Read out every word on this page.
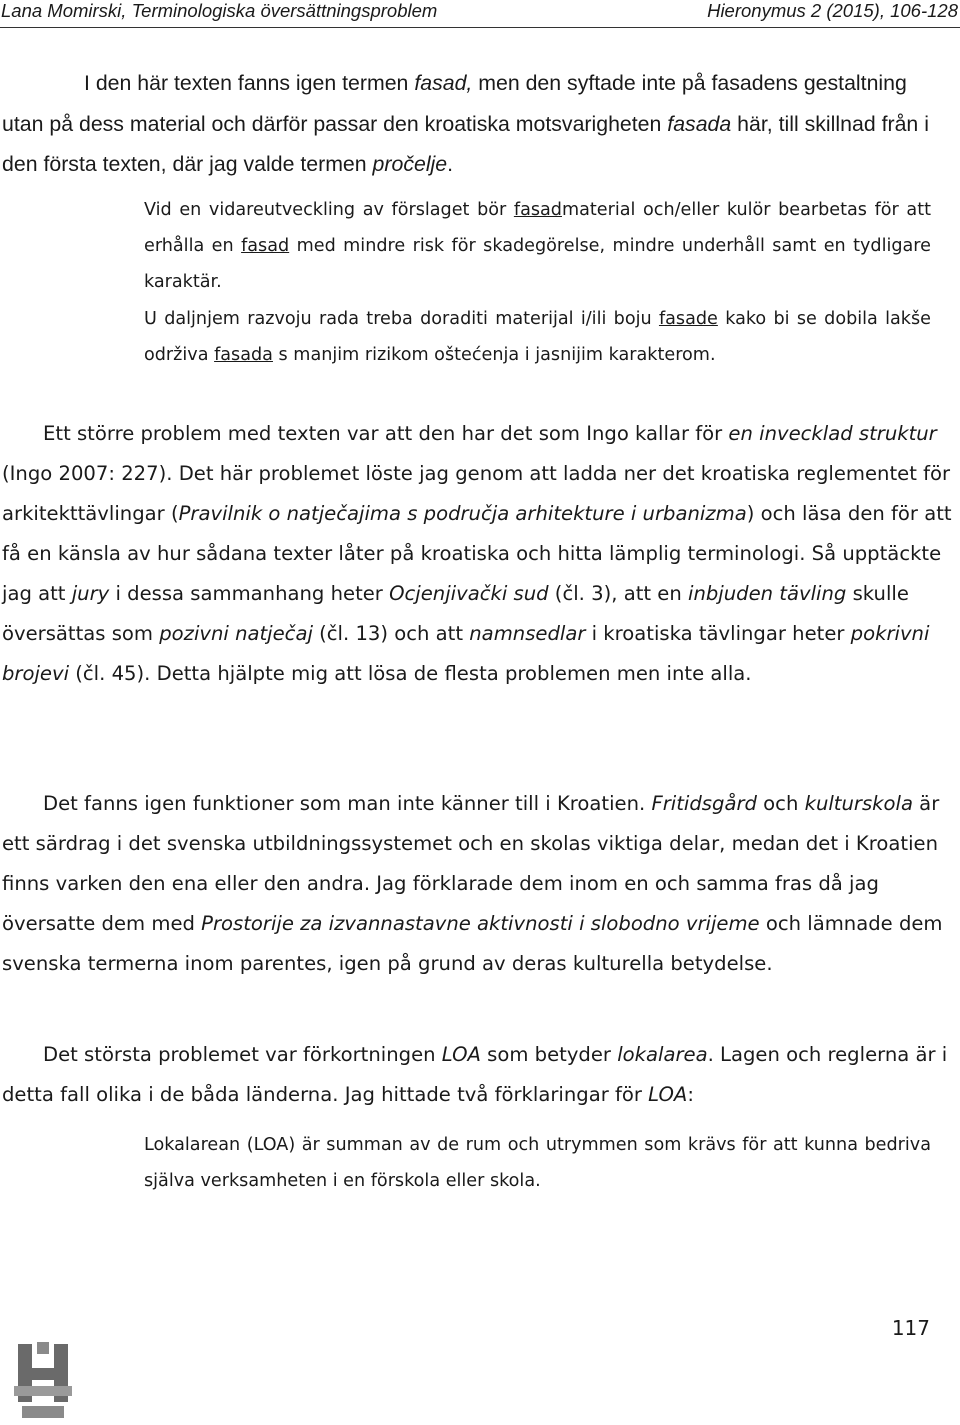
Lana Momirski, Terminologiska översättningsproblem	Hieronymus 2 (2015), 106-128

I den här texten fanns igen termen fasad, men den syftade inte på fasadens gestaltning utan på dess material och därför passar den kroatiska motsvarigheten fasada här, till skillnad från i den första texten, där jag valde termen pročelje.

Vid en vidareutveckling av förslaget bör fasadmaterial och/eller kulör bearbetas för att erhålla en fasad med mindre risk för skadegörelse, mindre underhåll samt en tydligare karaktär.

U daljnjem razvoju rada treba doraditi materijal i/ili boju fasade kako bi se dobila lakše održiva fasada s manjim rizikom oštećenja i jasnijim karakterom.

Ett större problem med texten var att den har det som Ingo kallar för en invecklad struktur (Ingo 2007: 227). Det här problemet löste jag genom att ladda ner det kroatiska reglementet för arkitekttävlingar (Pravilnik o natječajima s područja arhitekture i urbanizma) och läsa den för att få en känsla av hur sådana texter låter på kroatiska och hitta lämplig terminologi. Så upptäckte jag att jury i dessa sammanhang heter Ocjenjivački sud (čl. 3), att en inbjuden tävling skulle översättas som pozivni natječaj (čl. 13) och att namnsedlar i kroatiska tävlingar heter pokrivni brojevi (čl. 45). Detta hjälpte mig att lösa de flesta problemen men inte alla.

Det fanns igen funktioner som man inte känner till i Kroatien. Fritidsgård och kulturskola är ett särdrag i det svenska utbildningssystemet och en skolas viktiga delar, medan det i Kroatien finns varken den ena eller den andra. Jag förklarade dem inom en och samma fras då jag översatte dem med Prostorije za izvannastavne aktivnosti i slobodno vrijeme och lämnade dem svenska termerna inom parentes, igen på grund av deras kulturella betydelse.

Det största problemet var förkortningen LOA som betyder lokalarea. Lagen och reglerna är i detta fall olika i de båda länderna. Jag hittade två förklaringar för LOA:

Lokalarean (LOA) är summan av de rum och utrymmen som krävs för att kunna bedriva själva verksamheten i en förskola eller skola.

117
